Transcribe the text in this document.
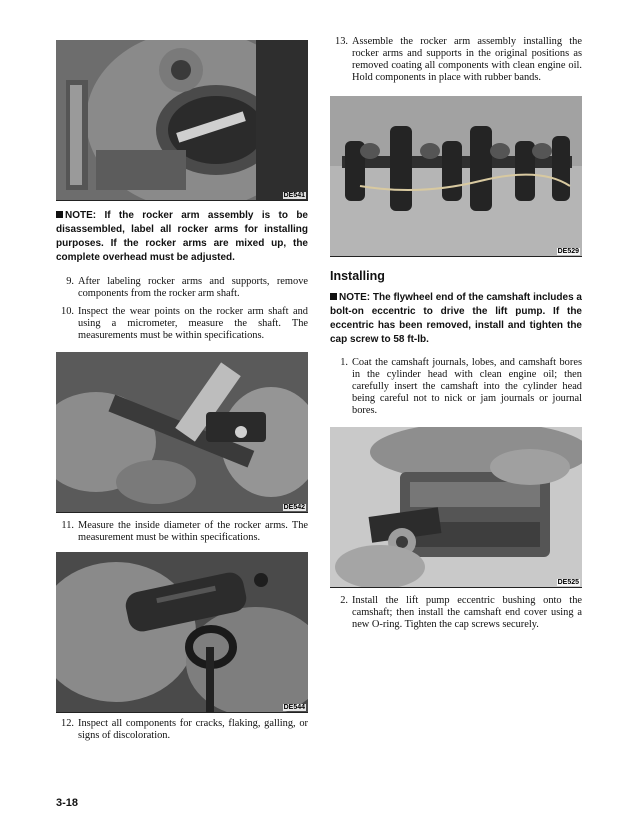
DE541

NOTE: If the rocker arm assembly is to be disassembled, label all rocker arms for installing purposes. If the rocker arms are mixed up, the complete overhead must be adjusted.

9. After labeling rocker arms and supports, remove components from the rocker arm shaft.
10. Inspect the wear points on the rocker arm shaft and using a micrometer, measure the shaft. The measurements must be within specifications.
DE542
11. Measure the inside diameter of the rocker arms. The measurement must be within specifications.
DE544
12. Inspect all components for cracks, flaking, galling, or signs of discoloration.
13. Assemble the rocker arm assembly installing the rocker arms and supports in the original positions as removed coating all components with clean engine oil. Hold components in place with rubber bands.
DE529

Installing

NOTE: The flywheel end of the camshaft includes a bolt-on eccentric to drive the lift pump. If the eccentric has been removed, install and tighten the cap screw to 58 ft-lb.

1. Coat the camshaft journals, lobes, and camshaft bores in the cylinder head with clean engine oil; then carefully insert the camshaft into the cylinder head being careful not to nick or jam journals or journal bores.
DE525
2. Install the lift pump eccentric bushing onto the camshaft; then install the camshaft end cover using a new O-ring. Tighten the cap screws securely.
3-18
